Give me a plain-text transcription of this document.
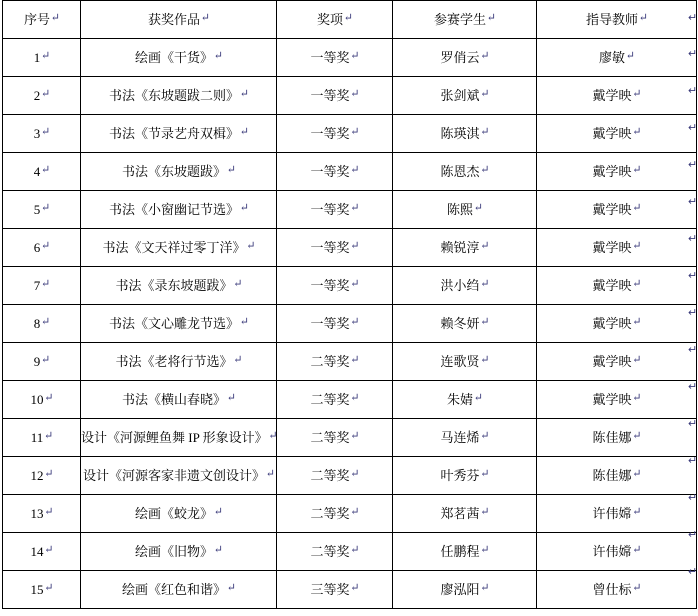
序号 ↵	获奖作品 ↵	奖项 ↵	参赛学生 ↵	指导教师 ↵
1 ↵	绘画《干货》 ↵	一等奖 ↵	罗俏云 ↵	廖敏 ↵
2 ↵	书法《东坡题跋二则》 ↵	一等奖 ↵	张剑斌 ↵	戴学映 ↵
3 ↵	书法《节录艺舟双楫》 ↵	一等奖 ↵	陈瑛淇 ↵	戴学映 ↵
4 ↵	书法《东坡题跋》 ↵	一等奖 ↵	陈恩杰 ↵	戴学映 ↵
5 ↵	书法《小窗幽记节选》 ↵	一等奖 ↵	陈熙 ↵	戴学映 ↵
6 ↵	书法《文天祥过零丁洋》 ↵	一等奖 ↵	赖锐淳 ↵	戴学映 ↵
7 ↵	书法《录东坡题跋》 ↵	一等奖 ↵	洪小绉 ↵	戴学映 ↵
8 ↵	书法《文心雕龙节选》 ↵	一等奖 ↵	赖冬妍 ↵	戴学映 ↵
9 ↵	书法《老将行节选》 ↵	二等奖 ↵	连歌贤 ↵	戴学映 ↵
10 ↵	书法《横山春晓》 ↵	二等奖 ↵	朱婧 ↵	戴学映 ↵
11 ↵	设计《河源鲤鱼舞 IP 形象设计》 ↵	二等奖 ↵	马连烯 ↵	陈佳娜 ↵
12 ↵	设计《河源客家非遗文创设计》 ↵	二等奖 ↵	叶秀芬 ↵	陈佳娜 ↵
13 ↵	绘画《蛟龙》 ↵	二等奖 ↵	郑茗茜 ↵	许伟嫦 ↵
14 ↵	绘画《旧物》 ↵	二等奖 ↵	任鹏程 ↵	许伟嫦 ↵
15 ↵	绘画《红色和谐》 ↵	三等奖 ↵	廖泓阳 ↵	曾仕标 ↵
↵
↵
↵
↵
↵
↵
↵
↵
↵
↵
↵
↵
↵
↵
↵
↵
